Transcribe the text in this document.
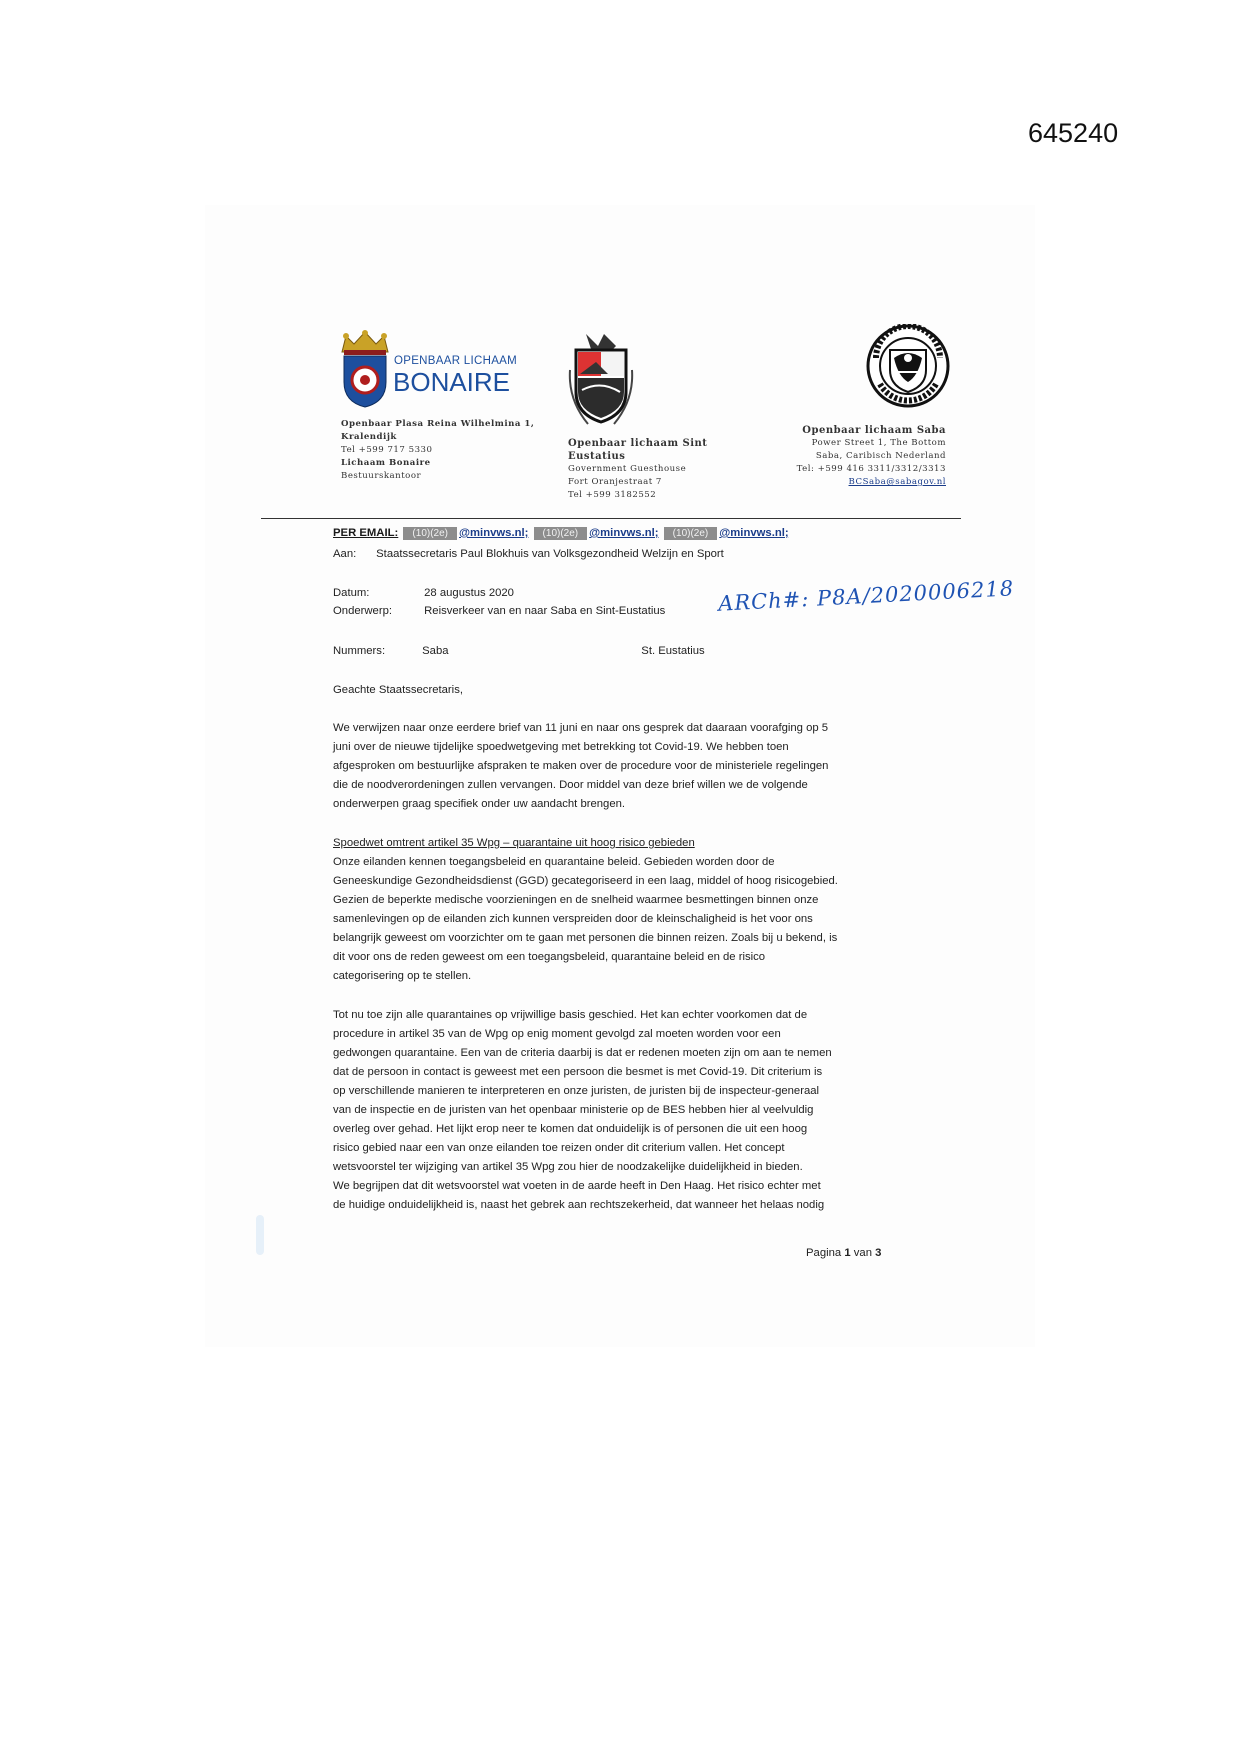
645240
OPENBAAR LICHAAM
BONAIRE
Openbaar Plasa Reina Wilhelmina 1,
Kralendijk
Tel +599 717 5330
Lichaam Bonaire
Bestuurskantoor
Openbaar lichaam Sint
Eustatius
Government Guesthouse
Fort Oranjestraat 7
Tel +599 3182552
Openbaar lichaam Saba
Power Street 1, The Bottom
Saba, Caribisch Nederland
Tel: +599 416 3311/3312/3313
BCSaba@sabagov.nl
PER EMAIL: (10)(2e) @minvws.nl; (10)(2e) @minvws.nl; (10)(2e) @minvws.nl;
Aan: Staatssecretaris Paul Blokhuis van Volksgezondheid Welzijn en Sport
Datum:	28 augustus 2020
Onderwerp:	Reisverkeer van en naar Saba en Sint-Eustatius ARCh#: P8A/2020006218
Nummers:	Saba	St. Eustatius
Geachte Staatssecretaris,
We verwijzen naar onze eerdere brief van 11 juni en naar ons gesprek dat daaraan voorafging op 5
juni over de nieuwe tijdelijke spoedwetgeving met betrekking tot Covid-19. We hebben toen
afgesproken om bestuurlijke afspraken te maken over de procedure voor de ministeriele regelingen
die de noodverordeningen zullen vervangen. Door middel van deze brief willen we de volgende
onderwerpen graag specifiek onder uw aandacht brengen.
Spoedwet omtrent artikel 35 Wpg – quarantaine uit hoog risico gebieden
Onze eilanden kennen toegangsbeleid en quarantaine beleid. Gebieden worden door de
Geneeskundige Gezondheidsdienst (GGD) gecategoriseerd in een laag, middel of hoog risicogebied.
Gezien de beperkte medische voorzieningen en de snelheid waarmee besmettingen binnen onze
samenlevingen op de eilanden zich kunnen verspreiden door de kleinschaligheid is het voor ons
belangrijk geweest om voorzichter om te gaan met personen die binnen reizen. Zoals bij u bekend, is
dit voor ons de reden geweest om een toegangsbeleid, quarantaine beleid en de risico
categorisering op te stellen.
Tot nu toe zijn alle quarantaines op vrijwillige basis geschied. Het kan echter voorkomen dat de
procedure in artikel 35 van de Wpg op enig moment gevolgd zal moeten worden voor een
gedwongen quarantaine. Een van de criteria daarbij is dat er redenen moeten zijn om aan te nemen
dat de persoon in contact is geweest met een persoon die besmet is met Covid-19. Dit criterium is
op verschillende manieren te interpreteren en onze juristen, de juristen bij de inspecteur-generaal
van de inspectie en de juristen van het openbaar ministerie op de BES hebben hier al veelvuldig
overleg over gehad. Het lijkt erop neer te komen dat onduidelijk is of personen die uit een hoog
risico gebied naar een van onze eilanden toe reizen onder dit criterium vallen. Het concept
wetsvoorstel ter wijziging van artikel 35 Wpg zou hier de noodzakelijke duidelijkheid in bieden.
We begrijpen dat dit wetsvoorstel wat voeten in de aarde heeft in Den Haag. Het risico echter met
de huidige onduidelijkheid is, naast het gebrek aan rechtszekerheid, dat wanneer het helaas nodig
Pagina 1 van 3
